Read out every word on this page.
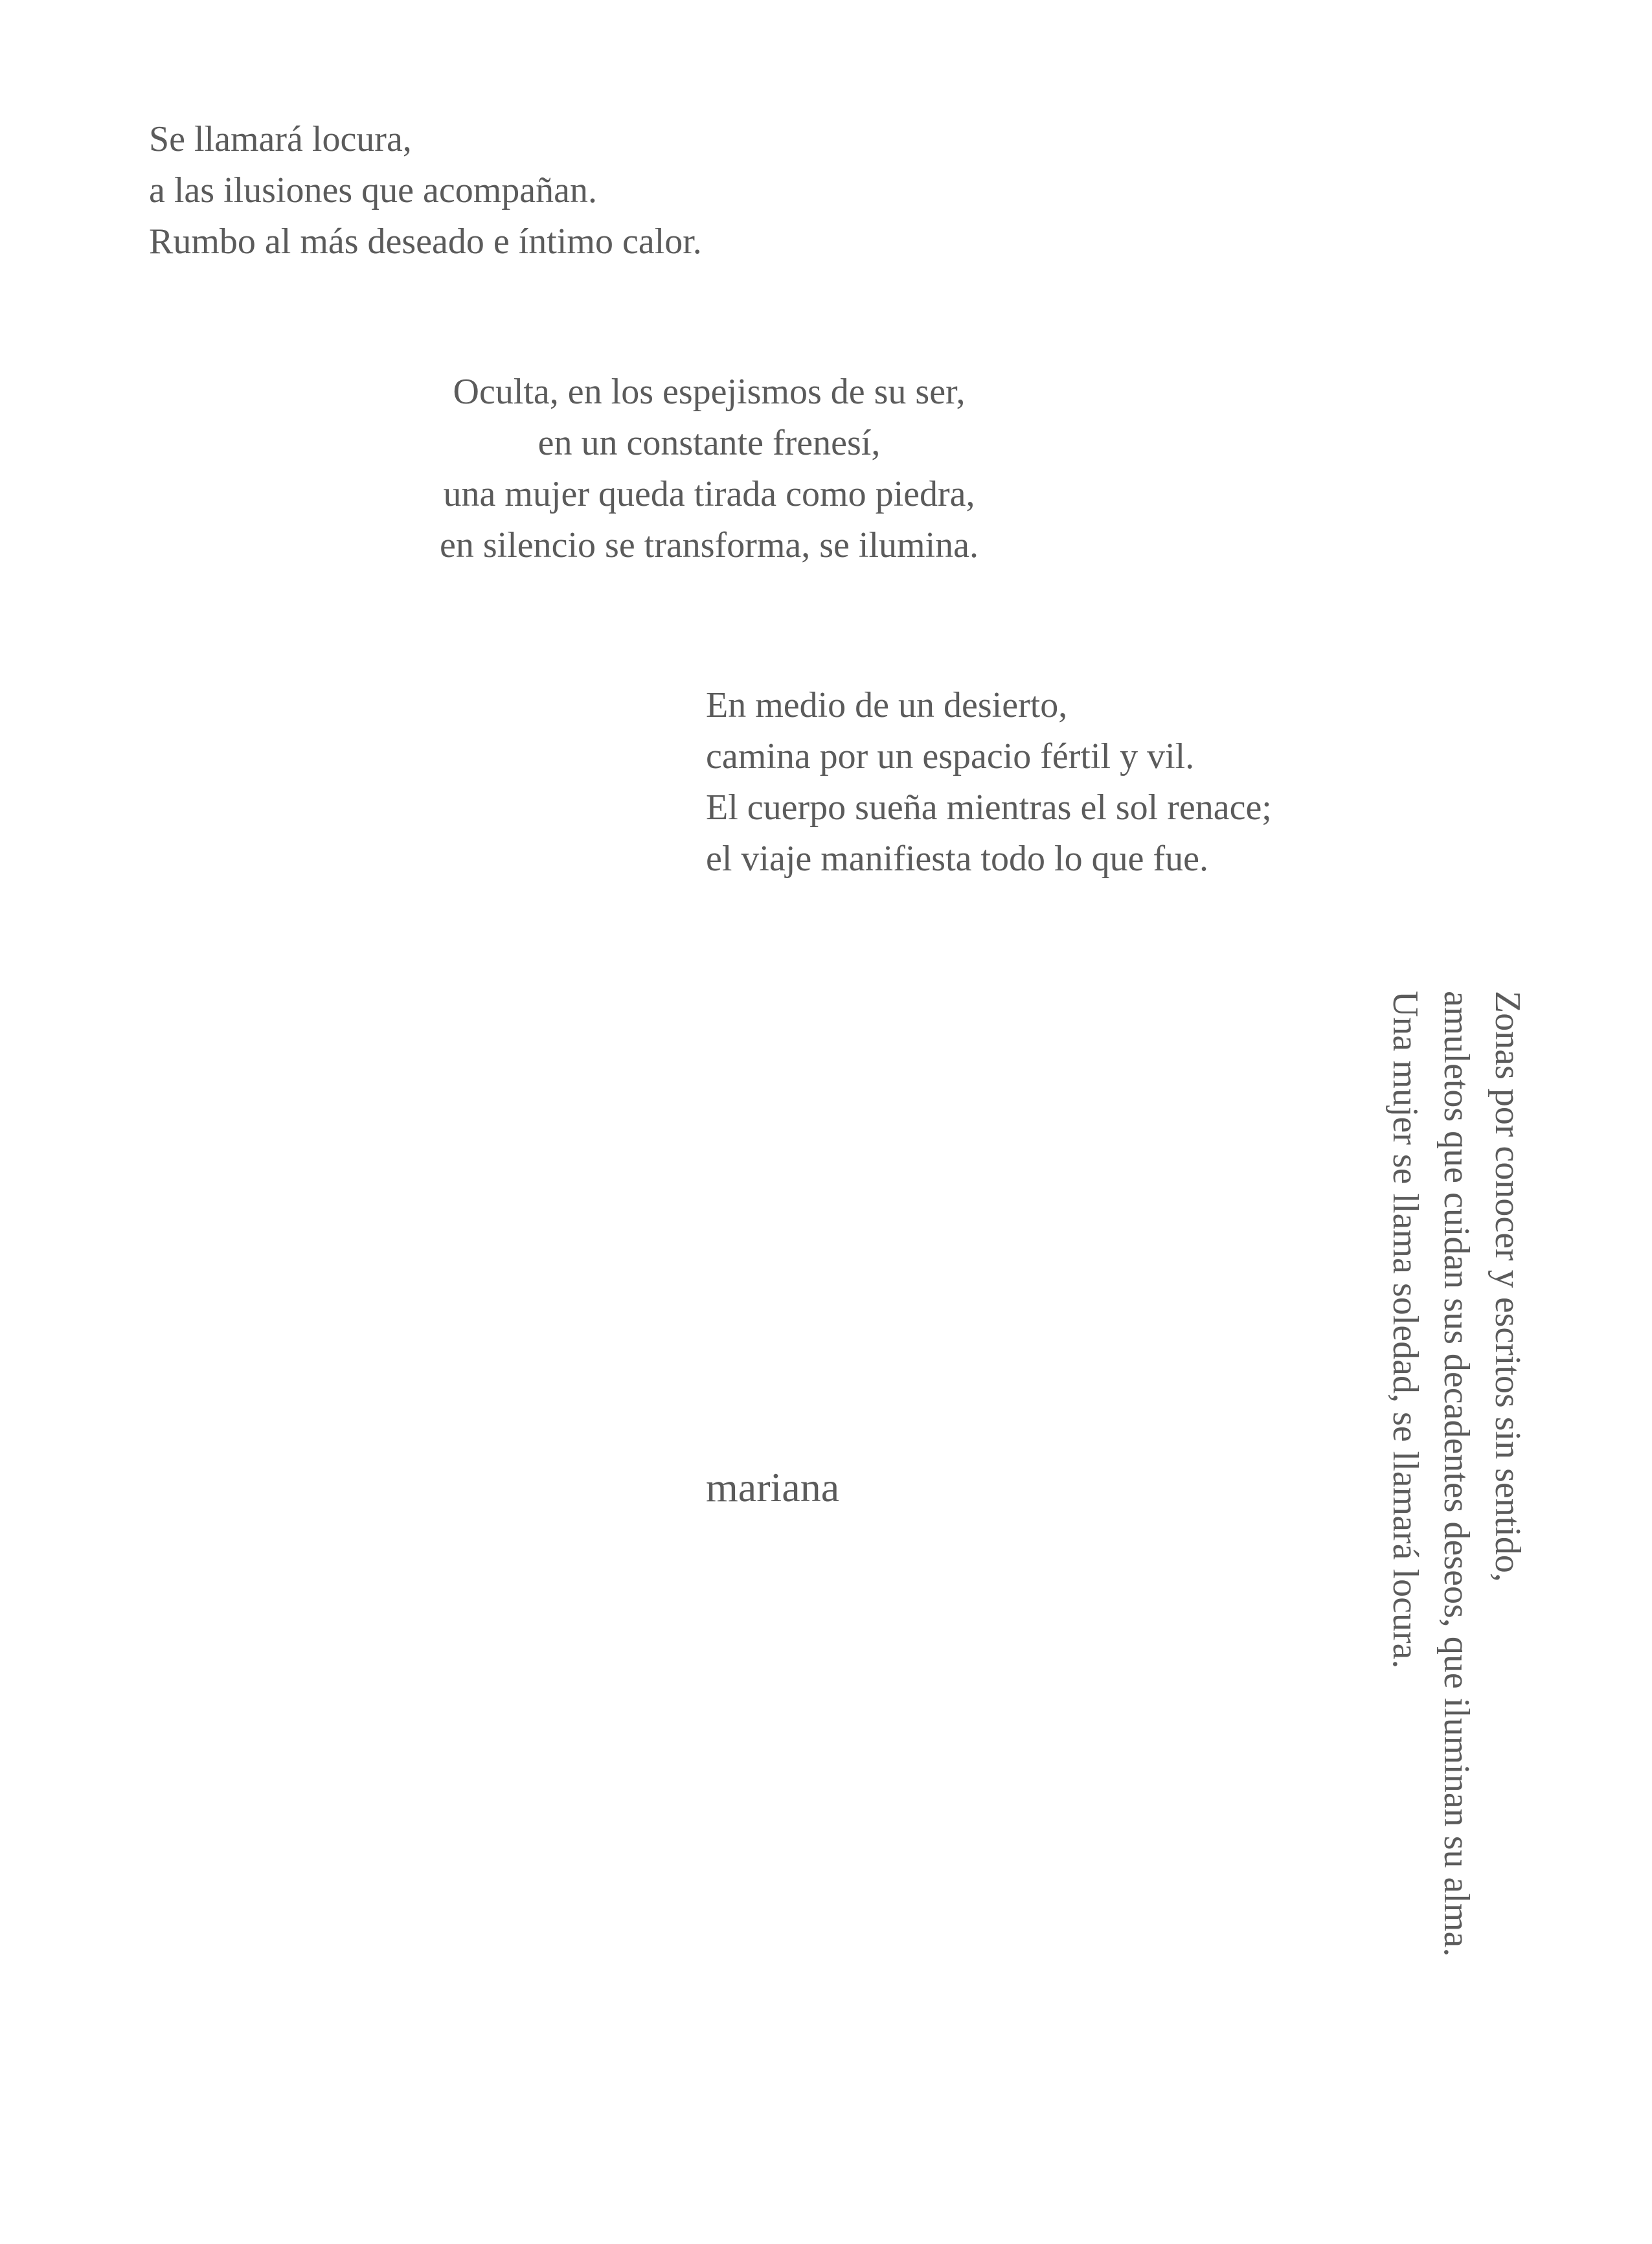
Se llamará locura,
a las ilusiones que acompañan.
Rumbo al más deseado e íntimo calor.
Oculta, en los espejismos de su ser,
en un constante frenesí,
una mujer queda tirada como piedra,
en silencio se transforma, se ilumina.
En medio de un desierto,
camina por un espacio fértil y vil.
El cuerpo sueña mientras el sol renace;
el viaje manifiesta todo lo que fue.
Zonas por conocer y escritos sin sentido,
amuletos que cuidan sus decadentes deseos, que iluminan su alma.
Una mujer se llama soledad, se llamará locura.
mariana
